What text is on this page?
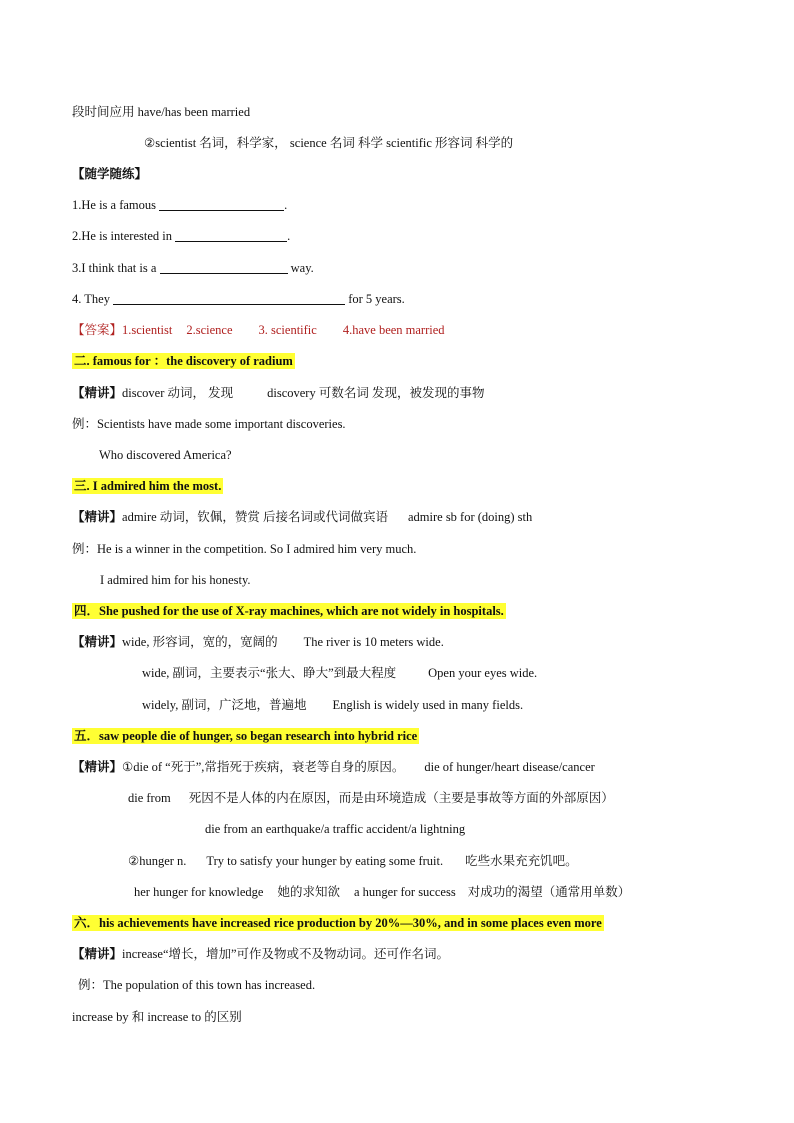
段时间应用 have/has been married
②scientist 名词，科学家， science 名词 科学 scientific 形容词 科学的
【随学随练】
1.He is a famous	.
2.He is interested in	.
3.I think that is a	way.
4. They	for 5 years.
【答案】1.scientist 2.science 3. scientific 4.have been married
二. famous for ：the discovery of radium
【精讲】discover 动词， 发现	discovery 可数名词 发现，被发现的事物
例：Scientists have made some important discoveries.
Who discovered America?
三. I admired him the most.
【精讲】admire 动词，钦佩，赞赏 后接名词或代词做宾语 admire sb for (doing) sth
例：He is a winner in the competition. So I admired him very much.
I admired him for his honesty.
四．She pushed for the use of X-ray machines, which are not widely in hospitals.
【精讲】wide, 形容词，宽的，宽阔的 The river is 10 meters wide.
wide, 副词，主要表示“张大、睁大”到最大程度	Open your eyes wide.
widely, 副词，广泛地，普遍地 English is widely used in many fields.
五．saw people die of hunger, so began research into hybrid rice
【精讲】①die of “死于”,常指死于疾病，衰老等自身的原因。 die of hunger/heart disease/cancer
die from 死因不是人体的内在原因，而是由环境造成（主要是事故等方面的外部原因）
die from an earthquake/a traffic accident/a lightning
②hunger n. Try to satisfy your hunger by eating some fruit. 吃些水果充充饥吧。
her hunger for knowledge 她的求知欲 a hunger for success 对成功的渴望（通常用单数）
六．his achievements have increased rice production by 20%—30%, and in some places even more
【精讲】increase“增长，增加”可作及物或不及物动词。还可作名词。
例：The population of this town has increased.
increase by 和 increase to 的区别
